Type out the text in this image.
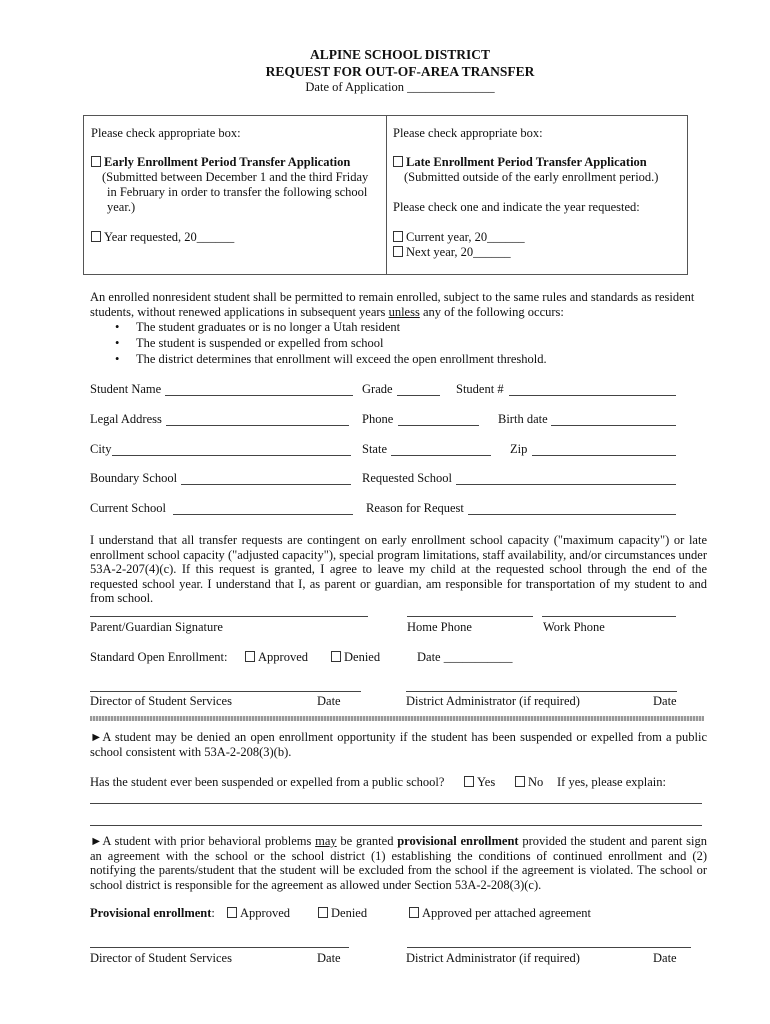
ALPINE SCHOOL DISTRICT
REQUEST FOR OUT-OF-AREA TRANSFER
Date of Application ______________
Please check appropriate box:
Early Enrollment Period Transfer Application
(Submitted between December 1 and the third Friday
in February in order to transfer the following school
year.)
Year requested, 20______
Please check appropriate box:
Late Enrollment Period Transfer Application
(Submitted outside of the early enrollment period.)
Please check one and indicate the year requested:
Current year, 20______
Next year, 20______
An enrolled nonresident student shall be permitted to remain enrolled, subject to the same rules and standards as resident
students, without renewed applications in subsequent years unless any of the following occurs:
• The student graduates or is no longer a Utah resident
• The student is suspended or expelled from school
• The district determines that enrollment will exceed the open enrollment threshold.
Student Name	Grade	Student #
Legal Address	Phone	Birth date
City	State	Zip
Boundary School	Requested School
Current School	Reason for Request
I understand that all transfer requests are contingent on early enrollment school capacity ("maximum capacity") or late enrollment school capacity ("adjusted capacity"), special program limitations, staff availability, and/or circumstances under 53A-2-207(4)(c). If this request is granted, I agree to leave my child at the requested school through the end of the requested school year. I understand that I, as parent or guardian, am responsible for transportation of my student to and from school.
Parent/Guardian Signature	Home Phone	Work Phone
Standard Open Enrollment:	Approved	Denied	Date ___________
Director of Student Services	Date	District Administrator (if required)	Date
►A student may be denied an open enrollment opportunity if the student has been suspended or expelled from a public school consistent with 53A-2-208(3)(b).
Has the student ever been suspended or expelled from a public school?	Yes	No If yes, please explain:
►A student with prior behavioral problems may be granted provisional enrollment provided the student and parent sign an agreement with the school or the school district (1) establishing the conditions of continued enrollment and (2) notifying the parents/student that the student will be excluded from the school if the agreement is violated. The school or school district is responsible for the agreement as allowed under Section 53A-2-208(3)(c).
Provisional enrollment:	Approved	Denied	Approved per attached agreement
Director of Student Services	Date	District Administrator (if required)	Date
